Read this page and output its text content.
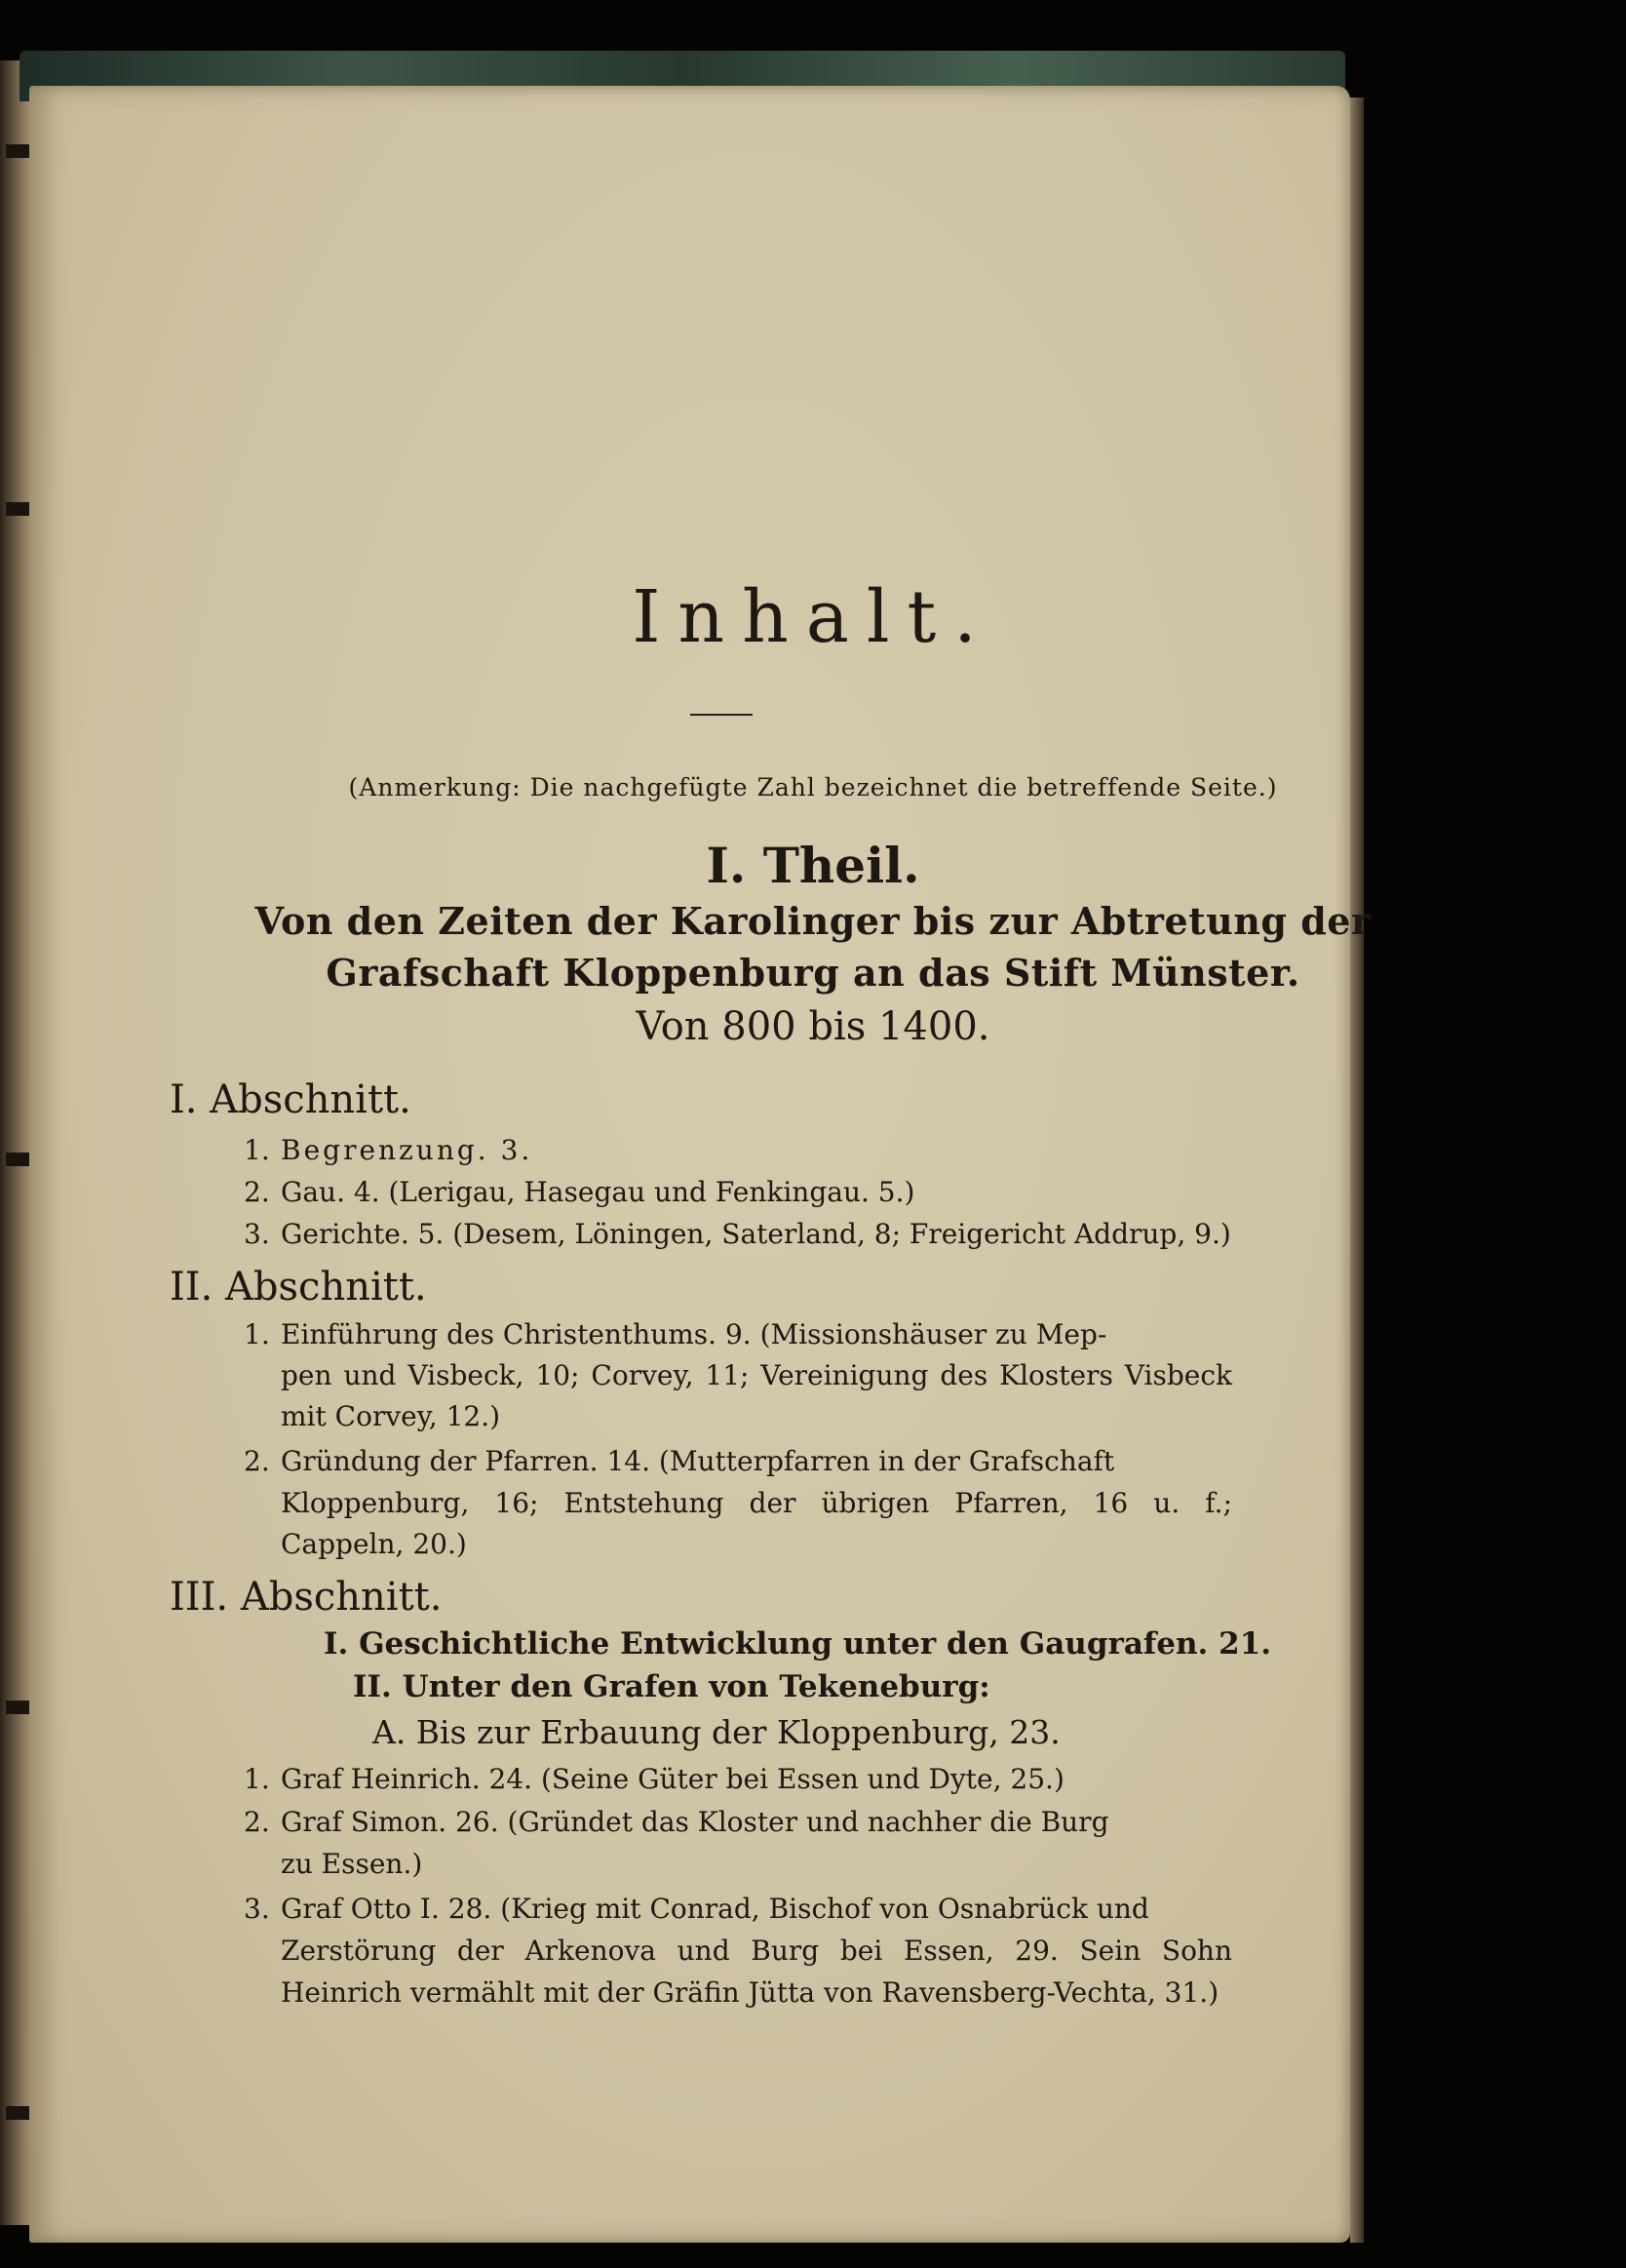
Inhalt.
(Anmerkung: Die nachgefügte Zahl bezeichnet die betreffende Seite.)
I. Theil.
Von den Zeiten der Karolinger bis zur Abtretung der
Grafschaft Kloppenburg an das Stift Münster.
Von 800 bis 1400.
I. Abschnitt.
1. Begrenzung. 3.
2. Gau. 4. (Lerigau, Hasegau und Fenkingau. 5.)
3. Gerichte. 5. (Desem, Löningen, Saterland, 8; Freigericht Addrup, 9.)
II. Abschnitt.
1. Einführung des Christenthums. 9. (Missionshäuser zu Mep-
pen und Visbeck, 10; Corvey, 11; Vereinigung des Klosters Visbeck
mit Corvey, 12.)
2. Gründung der Pfarren. 14. (Mutterpfarren in der Grafschaft
Kloppenburg, 16; Entstehung der übrigen Pfarren, 16 u. f.;
Cappeln, 20.)
III. Abschnitt.
I. Geschichtliche Entwicklung unter den Gaugrafen. 21.
II. Unter den Grafen von Tekeneburg:
A. Bis zur Erbauung der Kloppenburg, 23.
1. Graf Heinrich. 24. (Seine Güter bei Essen und Dyte, 25.)
2. Graf Simon. 26. (Gründet das Kloster und nachher die Burg
zu Essen.)
3. Graf Otto I. 28. (Krieg mit Conrad, Bischof von Osnabrück und
Zerstörung der Arkenova und Burg bei Essen, 29. Sein Sohn
Heinrich vermählt mit der Gräfin Jütta von Ravensberg-Vechta, 31.)
